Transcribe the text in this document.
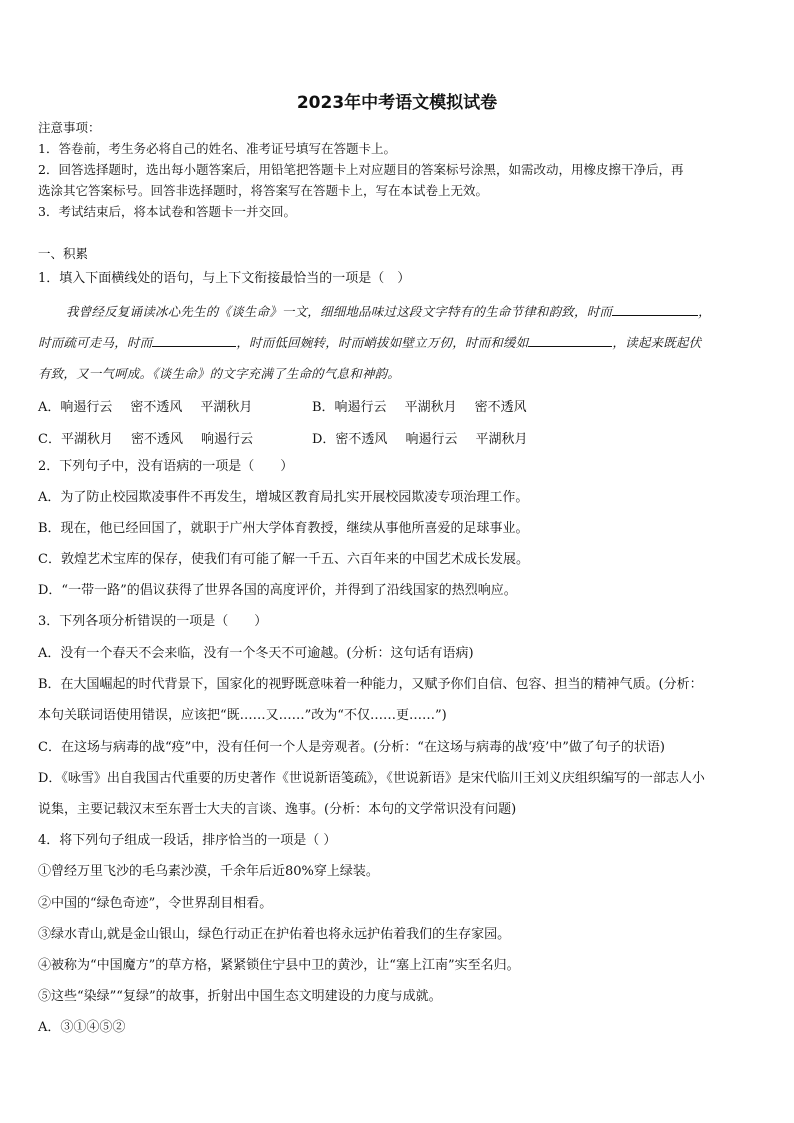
2023年中考语文模拟试卷
注意事项：
1．答卷前，考生务必将自己的姓名、准考证号填写在答题卡上。
2．回答选择题时，选出每小题答案后，用铅笔把答题卡上对应题目的答案标号涂黑，如需改动，用橡皮擦干净后，再
选涂其它答案标号。回答非选择题时，将答案写在答题卡上，写在本试卷上无效。
3．考试结束后，将本试卷和答题卡一并交回。
一、积累
1．填入下面横线处的语句，与上下文衔接最恰当的一项是（　）
我曾经反复诵读冰心先生的《谈生命》一文，细细地品味过这段文字特有的生命节律和韵致，时而	，
时而疏可走马，时而	，时而低回婉转，时而峭拔如壁立万仞，时而和缓如	，读起来既起伏
有致，又一气呵成。《谈生命》的文字充满了生命的气息和神韵。
A．响遏行云 密不透风 平湖秋月	B．响遏行云 平湖秋月 密不透风
C．平湖秋月 密不透风 响遏行云	D．密不透风 响遏行云 平湖秋月
2．下列句子中，没有语病的一项是（　　）
A．为了防止校园欺凌事件不再发生，增城区教育局扎实开展校园欺凌专项治理工作。
B．现在，他已经回国了，就职于广州大学体育教授，继续从事他所喜爱的足球事业。
C．敦煌艺术宝库的保存，使我们有可能了解一千五、六百年来的中国艺术成长发展。
D．“一带一路”的倡议获得了世界各国的高度评价，并得到了沿线国家的热烈响应。
3．下列各项分析错误的一项是（　　）
A．没有一个春天不会来临，没有一个冬天不可逾越。(分析：这句话有语病)
B．在大国崛起的时代背景下，国家化的视野既意味着一种能力，又赋予你们自信、包容、担当的精神气质。(分析：
本句关联词语使用错误，应该把“既……又……”改为“不仅……更……”)
C．在这场与病毒的战“疫”中，没有任何一个人是旁观者。(分析：“在这场与病毒的战‘疫’中”做了句子的状语)
D．《咏雪》出自我国古代重要的历史著作《世说新语笺疏》，《世说新语》是宋代临川王刘义庆组织编写的一部志人小
说集，主要记载汉末至东晋士大夫的言谈、逸事。(分析：本句的文学常识没有问题)
4．将下列句子组成一段话，排序恰当的一项是（ ）
①曾经万里飞沙的毛乌素沙漠，千余年后近80%穿上绿装。
②中国的“绿色奇迹”，令世界刮目相看。
③绿水青山,就是金山银山，绿色行动正在护佑着也将永远护佑着我们的生存家园。
④被称为“中国魔方”的草方格，紧紧锁住宁县中卫的黄沙，让“塞上江南”实至名归。
⑤这些“染绿”“复绿”的故事，折射出中国生态文明建设的力度与成就。
A．③①④⑤②
